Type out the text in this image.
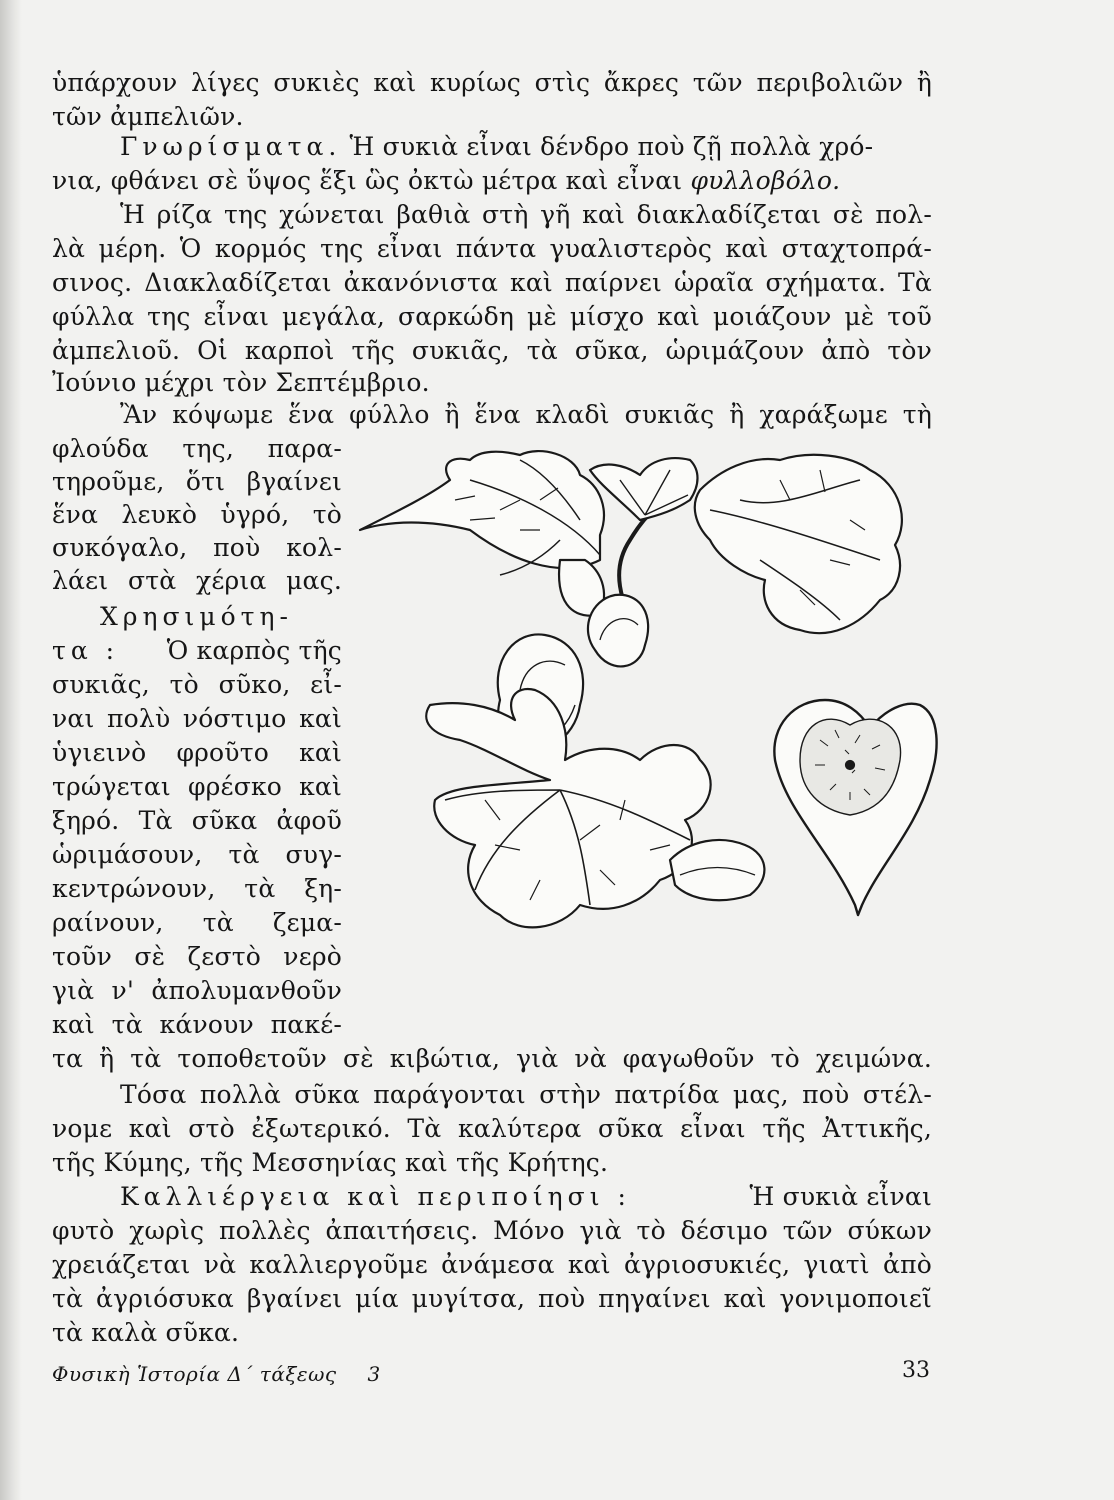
ὑπάρχουν λίγες συκιὲς καὶ κυρίως στὶς ἄκρες τῶν περιβολιῶν ἢ
τῶν ἀμπελιῶν.
Γνωρίσματα. Ἡ συκιὰ εἶναι δένδρο ποὺ ζῇ πολλὰ χρό-
νια, φθάνει σὲ ὕψος ἕξι ὣς ὀκτὼ μέτρα καὶ εἶναι φυλλοβόλο.
Ἡ ρίζα της χώνεται βαθιὰ στὴ γῆ καὶ διακλαδίζεται σὲ πολ-
λὰ μέρη. Ὁ κορμός της εἶναι πάντα γυαλιστερὸς καὶ σταχτοπρά-
σινος. Διακλαδίζεται ἀκανόνιστα καὶ παίρνει ὡραῖα σχήματα. Τὰ
φύλλα της εἶναι μεγάλα, σαρκώδη μὲ μίσχο καὶ μοιάζουν μὲ τοῦ
ἀμπελιοῦ. Οἱ καρποὶ τῆς συκιᾶς, τὰ σῦκα, ὡριμάζουν ἀπὸ τὸν
Ἰούνιο μέχρι τὸν Σεπτέμβριο.
Ἂν κόψωμε ἕνα φύλλο ἢ ἕνα κλαδὶ συκιᾶς ἢ χαράξωμε τὴ
φλούδα της, παρα-
τηροῦμε, ὅτι βγαίνει
ἕνα λευκὸ ὑγρό, τὸ
συκόγαλο, ποὺ κολ-
λάει στὰ χέρια μας.
Χρησιμότη-
τα : Ὁ καρπὸς τῆς
συκιᾶς, τὸ σῦκο, εἶ-
ναι πολὺ νόστιμο καὶ
ὑγιεινὸ φροῦτο καὶ
τρώγεται φρέσκο καὶ
ξηρό. Τὰ σῦκα ἀφοῦ
ὡριμάσουν, τὰ συγ-
κεντρώνουν, τὰ ξη-
ραίνουν, τὰ ζεμα-
τοῦν σὲ ζεστὸ νερὸ
γιὰ ν' ἀπολυμανθοῦν
καὶ τὰ κάνουν πακέ-
τα ἢ τὰ τοποθετοῦν σὲ κιβώτια, γιὰ νὰ φαγωθοῦν τὸ χειμώνα.
Τόσα πολλὰ σῦκα παράγονται στὴν πατρίδα μας, ποὺ στέλ-
νομε καὶ στὸ ἐξωτερικό. Τὰ καλύτερα σῦκα εἶναι τῆς Ἀττικῆς,
τῆς Κύμης, τῆς Μεσσηνίας καὶ τῆς Κρήτης.
Καλλιέργεια καὶ περιποίησι :	Ἡ συκιὰ εἶναι
φυτὸ χωρὶς πολλὲς ἀπαιτήσεις. Μόνο γιὰ τὸ δέσιμο τῶν σύκων
χρειάζεται νὰ καλλιεργοῦμε ἀνάμεσα καὶ ἀγριοσυκιές, γιατὶ ἀπὸ
τὰ ἀγριόσυκα βγαίνει μία μυγίτσα, ποὺ πηγαίνει καὶ γονιμοποιεῖ
τὰ καλὰ σῦκα.
Φυσικὴ Ἱστορία Δ΄ τάξεως 3	33
